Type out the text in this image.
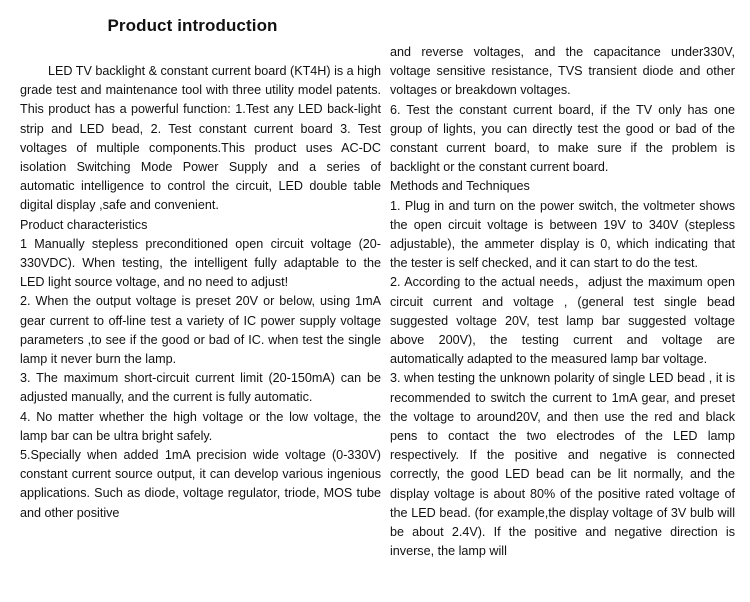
Product introduction

LED TV backlight & constant current board (KT4H) is a high grade test and maintenance tool with three utility model patents. This product has a powerful function: 1.Test any LED back-light strip and LED bead, 2. Test constant current board 3. Test voltages of multiple components.This product uses AC-DC isolation Switching Mode Power Supply and a series of automatic intelligence to control the circuit, LED double table digital display ,safe and convenient.

Product characteristics

1 Manually stepless preconditioned open circuit voltage (20-330VDC). When testing, the intelligent fully adaptable to the LED light source voltage, and no need to adjust!

2. When the output voltage is preset 20V or below, using 1mA gear current to off-line test a variety of IC power supply voltage parameters ,to see if the good or bad of IC. when test the single lamp it never burn the lamp.

3. The maximum short-circuit current limit (20-150mA) can be adjusted manually, and the current is fully automatic.

4. No matter whether the high voltage or the low voltage, the lamp bar can be ultra bright safely.

5.Specially when added 1mA precision wide voltage (0-330V) constant current source output, it can develop various ingenious applications. Such as diode, voltage regulator, triode, MOS tube and other positive

and reverse voltages, and the capacitance under330V, voltage sensitive resistance, TVS transient diode and other voltages or breakdown voltages.

6. Test the constant current board, if the TV only has one group of lights, you can directly test the good or bad of the constant current board, to make sure if the problem is backlight or the constant current board.

Methods and Techniques

1. Plug in and turn on the power switch, the voltmeter shows the open circuit voltage is between 19V to 340V (stepless adjustable), the ammeter display is 0, which indicating that the tester is self checked, and it can start to do the test.

2. According to the actual needs，adjust the maximum open circuit current and voltage , (general test single bead suggested voltage 20V, test lamp bar suggested voltage above 200V), the testing current and voltage are automatically adapted to the measured lamp bar voltage.

3. when testing the unknown polarity of single LED bead , it is recommended to switch the current to 1mA gear, and preset the voltage to around20V, and then use the red and black pens to contact the two electrodes of the LED lamp respectively. If the positive and negative is connected correctly, the good LED bead can be lit normally, and the display voltage is about 80% of the positive rated voltage of the LED bead. (for example,the display voltage of 3V bulb will be about 2.4V). If the positive and negative direction is inverse, the lamp will
